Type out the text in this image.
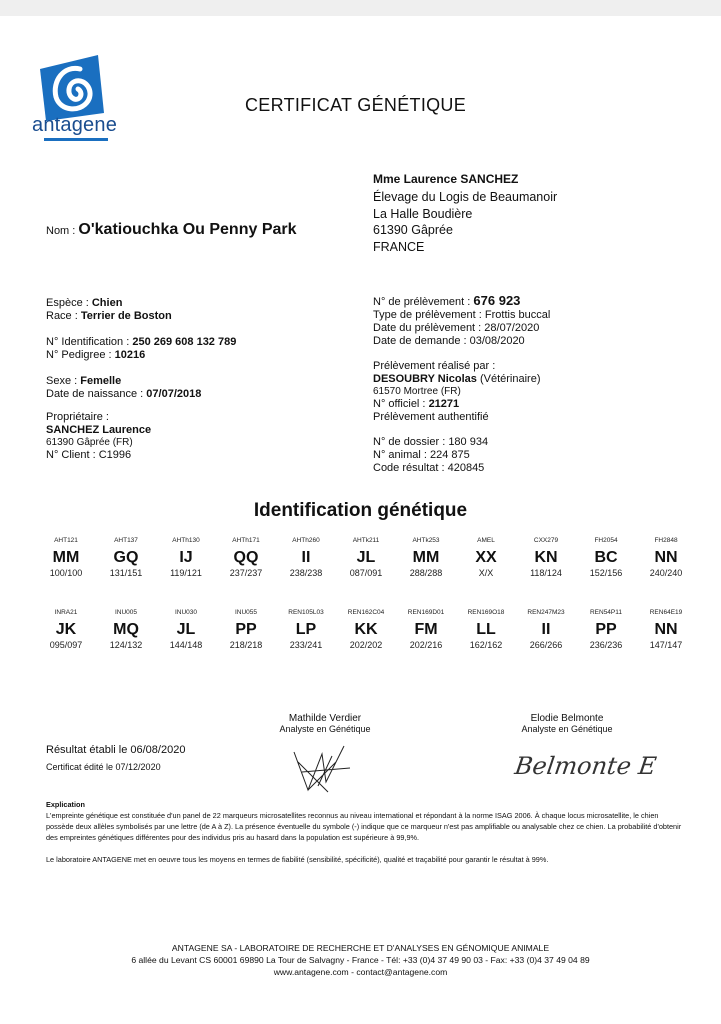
antagene
CERTIFICAT GÉNÉTIQUE
Mme Laurence SANCHEZ
Élevage du Logis de Beaumanoir
La Halle Boudière
61390 Gâprée
FRANCE
Nom : O'katiouchka Ou Penny Park
Espèce : Chien
Race : Terrier de Boston
N° Identification : 250 269 608 132 789
N° Pedigree : 10216
Sexe : Femelle
Date de naissance : 07/07/2018
Propriétaire :
SANCHEZ Laurence
61390 Gâprée (FR)
N° Client : C1996
N° de prélèvement : 676 923
Type de prélèvement : Frottis buccal
Date du prélèvement : 28/07/2020
Date de demande : 03/08/2020
Prélèvement réalisé par :
DESOUBRY Nicolas (Vétérinaire)
61570 Mortree (FR)
N° officiel : 21271
Prélèvement authentifié
N° de dossier : 180 934
N° animal : 224 875
Code résultat : 420845
Identification génétique
AHT121
MM
100/100
AHT137
GQ
131/151
AHTh130
IJ
119/121
AHTh171
QQ
237/237
AHTh260
II
238/238
AHTk211
JL
087/091
AHTk253
MM
288/288
AMEL
XX
X/X
CXX279
KN
118/124
FH2054
BC
152/156
FH2848
NN
240/240
INRA21
JK
095/097
INU005
MQ
124/132
INU030
JL
144/148
INU055
PP
218/218
REN105L03
LP
233/241
REN162C04
KK
202/202
REN169D01
FM
202/216
REN169O18
LL
162/162
REN247M23
II
266/266
REN54P11
PP
236/236
REN64E19
NN
147/147
Mathilde Verdier
Analyste en Génétique
Elodie Belmonte
Analyste en Génétique
Belmonte E
Résultat établi le 06/08/2020
Certificat édité le 07/12/2020
Explication
L'empreinte génétique est constituée d'un panel de 22 marqueurs microsatellites reconnus au niveau international et répondant à la norme ISAG 2006. À chaque locus microsatellite, le chien possède deux allèles symbolisés par une lettre (de A à Z). La présence éventuelle du symbole (-) indique que ce marqueur n'est pas amplifiable ou analysable chez ce chien. La probabilité d'obtenir des empreintes génétiques différentes pour des individus pris au hasard dans la population est supérieure à 99,9%.
Le laboratoire ANTAGENE met en oeuvre tous les moyens en termes de fiabilité (sensibilité, spécificité), qualité et traçabilité pour garantir le résultat à 99%.
ANTAGENE SA - LABORATOIRE DE RECHERCHE ET D'ANALYSES EN GÉNOMIQUE ANIMALE
6 allée du Levant CS 60001 69890 La Tour de Salvagny - France - Tél: +33 (0)4 37 49 90 03 - Fax: +33 (0)4 37 49 04 89
www.antagene.com - contact@antagene.com
